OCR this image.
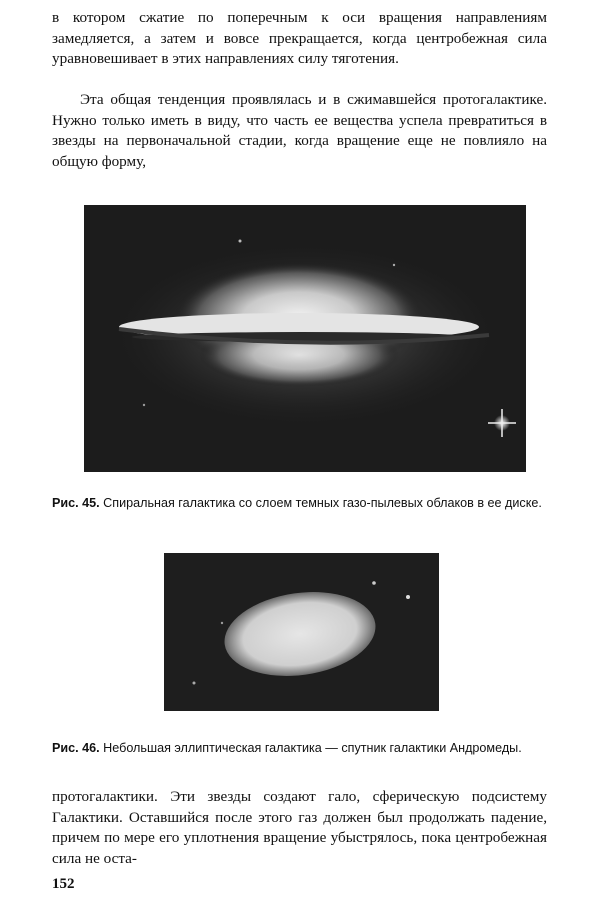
в котором сжатие по поперечным к оси вращения направлениям замедляется, а затем и вовсе прекращается, когда центробежная сила уравновешивает в этих направлениях силу тяготения.

Эта общая тенденция проявлялась и в сжимавшейся протогалактике. Нужно только иметь в виду, что часть ее вещества успела превратиться в звезды на первоначальной стадии, когда вращение еще не повлияло на общую форму,

Рис. 45. Спиральная галактика со слоем темных газо-пылевых облаков в ее диске.

Рис. 46. Небольшая эллиптическая галактика — спутник галактики Андромеды.

протогалактики. Эти звезды создают гало, сферическую подсистему Галактики. Оставшийся после этого газ должен был продолжать падение, причем по мере его уплотнения вращение убыстрялось, пока центробежная сила не оста-

152
